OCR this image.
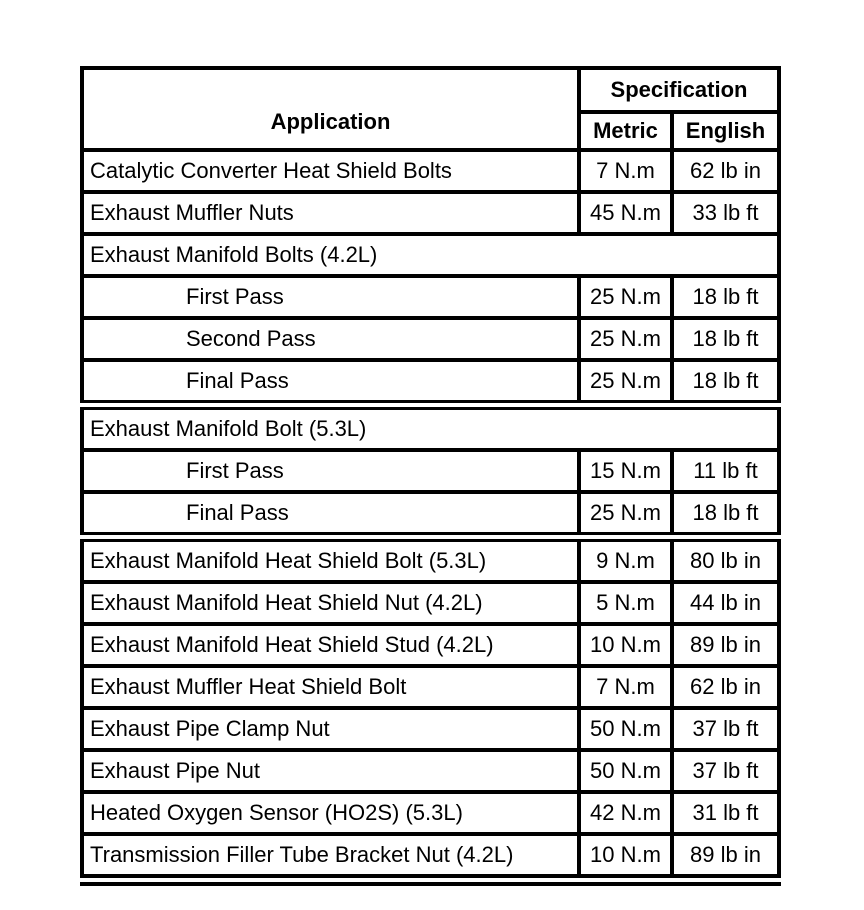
Application	Specification	
	Metric	English
Catalytic Converter Heat Shield Bolts	7 N.m	62 lb in
Exhaust Muffler Nuts	45 N.m	33 lb ft
Exhaust Manifold Bolts (4.2L)		
First Pass	25 N.m	18 lb ft
Second Pass	25 N.m	18 lb ft
Final Pass	25 N.m	18 lb ft
Exhaust Manifold Bolt (5.3L)		
First Pass	15 N.m	11 lb ft
Final Pass	25 N.m	18 lb ft
Exhaust Manifold Heat Shield Bolt (5.3L)	9 N.m	80 lb in
Exhaust Manifold Heat Shield Nut (4.2L)	5 N.m	44 lb in
Exhaust Manifold Heat Shield Stud (4.2L)	10 N.m	89 lb in
Exhaust Muffler Heat Shield Bolt	7 N.m	62 lb in
Exhaust Pipe Clamp Nut	50 N.m	37 lb ft
Exhaust Pipe Nut	50 N.m	37 lb ft
Heated Oxygen Sensor (HO2S) (5.3L)	42 N.m	31 lb ft
Transmission Filler Tube Bracket Nut (4.2L)	10 N.m	89 lb in
